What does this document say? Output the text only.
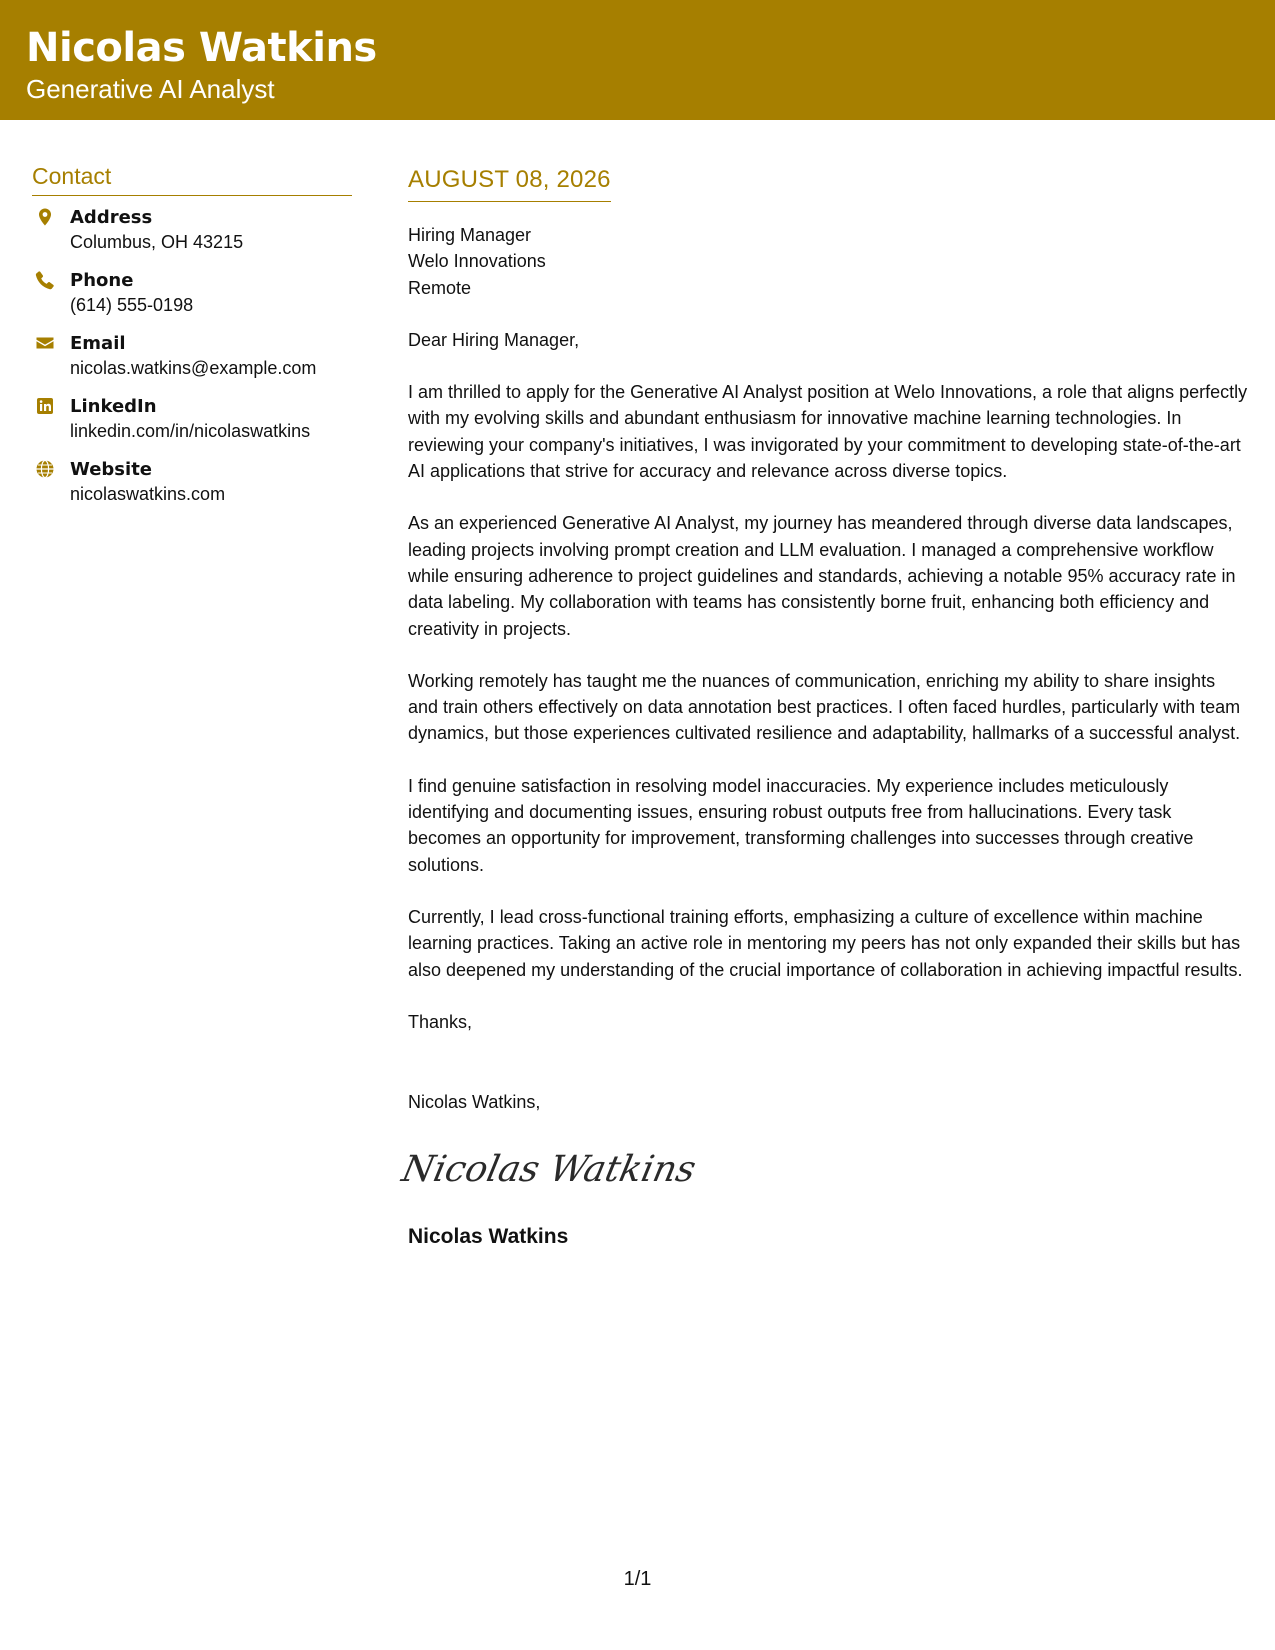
Nicolas Watkins
Generative AI Analyst
Contact
Address
Columbus, OH 43215
Phone
(614) 555-0198
Email
nicolas.watkins@example.com
LinkedIn
linkedin.com/in/nicolaswatkins
Website
nicolaswatkins.com
AUGUST 08, 2026
Hiring Manager
Welo Innovations
Remote
Dear Hiring Manager,

I am thrilled to apply for the Generative AI Analyst position at Welo Innovations, a role that aligns perfectly with my evolving skills and abundant enthusiasm for innovative machine learning technologies. In reviewing your company's initiatives, I was invigorated by your commitment to developing state-of-the-art AI applications that strive for accuracy and relevance across diverse topics.

As an experienced Generative AI Analyst, my journey has meandered through diverse data landscapes, leading projects involving prompt creation and LLM evaluation. I managed a comprehensive workflow while ensuring adherence to project guidelines and standards, achieving a notable 95% accuracy rate in data labeling. My collaboration with teams has consistently borne fruit, enhancing both efficiency and creativity in projects.

Working remotely has taught me the nuances of communication, enriching my ability to share insights and train others effectively on data annotation best practices. I often faced hurdles, particularly with team dynamics, but those experiences cultivated resilience and adaptability, hallmarks of a successful analyst.

I find genuine satisfaction in resolving model inaccuracies. My experience includes meticulously identifying and documenting issues, ensuring robust outputs free from hallucinations. Every task becomes an opportunity for improvement, transforming challenges into successes through creative solutions.

Currently, I lead cross-functional training efforts, emphasizing a culture of excellence within machine learning practices. Taking an active role in mentoring my peers has not only expanded their skills but has also deepened my understanding of the crucial importance of collaboration in achieving impactful results.

Thanks,
Nicolas Watkins,
Nicolas Watkins
Nicolas Watkins
1/1
